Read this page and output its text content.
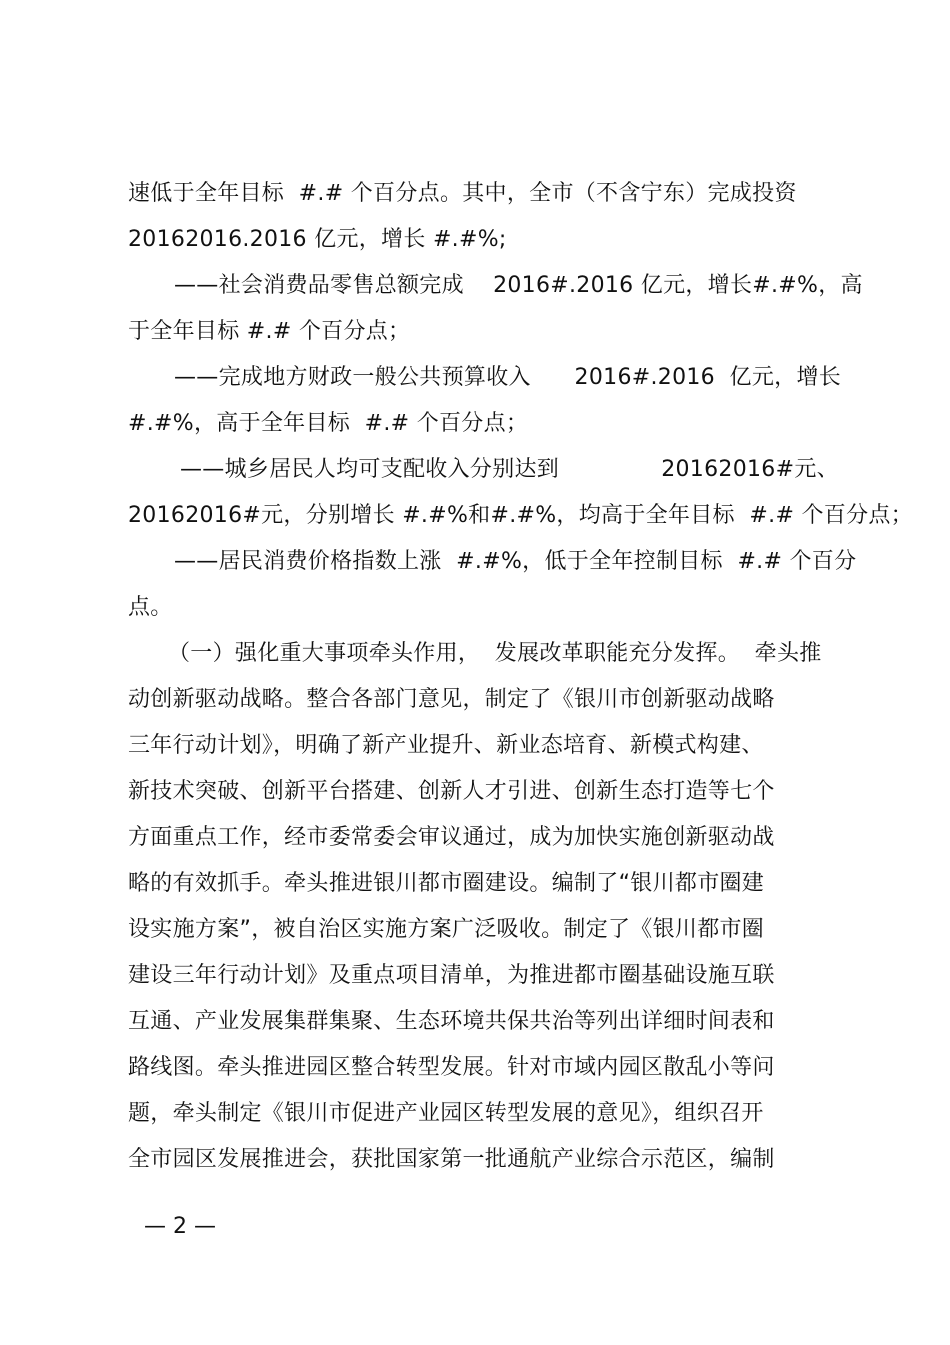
速低于全年目标  #.# 个百分点。其中，全市（不含宁东）完成投资
20162016.2016 亿元，增长 #.#%;
——社会消费品零售总额完成    2016#.2016 亿元，增长#.#%，高
于全年目标 #.# 个百分点；
——完成地方财政一般公共预算收入      2016#.2016  亿元，增长
#.#%，高于全年目标  #.# 个百分点；
——城乡居民人均可支配收入分别达到              20162016#元、
20162016#元，分别增长 #.#%和#.#%，均高于全年目标  #.# 个百分点；
——居民消费价格指数上涨  #.#%，低于全年控制目标  #.# 个百分
点。
（一）强化重大事项牵头作用，  发展改革职能充分发挥。  牵头推
动创新驱动战略。整合各部门意见，制定了《银川市创新驱动战略
三年行动计划》，明确了新产业提升、新业态培育、新模式构建、
新技术突破、创新平台搭建、创新人才引进、创新生态打造等七个
方面重点工作，经市委常委会审议通过，成为加快实施创新驱动战
略的有效抓手。牵头推进银川都市圈建设。编制了“银川都市圈建
设实施方案”，被自治区实施方案广泛吸收。制定了《银川都市圈
建设三年行动计划》及重点项目清单，为推进都市圈基础设施互联
互通、产业发展集群集聚、生态环境共保共治等列出详细时间表和
路线图。牵头推进园区整合转型发展。针对市域内园区散乱小等问
题，牵头制定《银川市促进产业园区转型发展的意见》，组织召开
全市园区发展推进会，获批国家第一批通航产业综合示范区，编制
— 2 —
